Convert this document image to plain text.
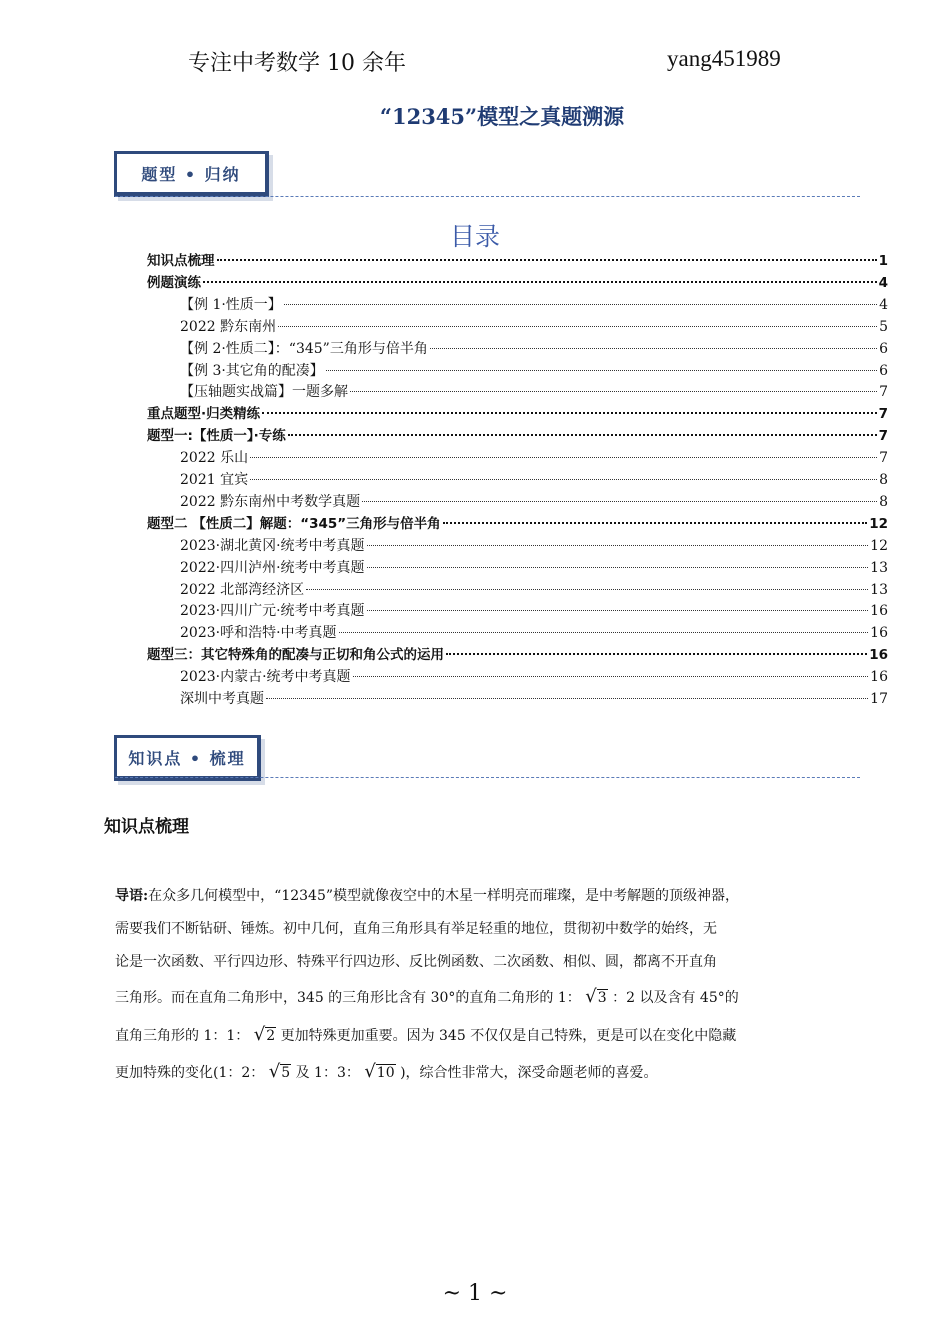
专注中考数学 10 余年	yang451989
“12345”模型之真题溯源
题型 • 归纳
目录
知识点梳理	1
例题演练	4
【例 1·性质一】	4
2022 黔东南州	5
【例 2·性质二】：“345”三角形与倍半角	6
【例 3·其它角的配凑】	6
【压轴题实战篇】一题多解	7
重点题型·归类精练	7
题型一:【性质一】·专练	7
2022 乐山	7
2021 宜宾	8
2022 黔东南州中考数学真题	8
题型二 【性质二】解题：“345”三角形与倍半角	12
2023·湖北黄冈·统考中考真题	12
2022·四川泸州·统考中考真题	13
2022 北部湾经济区	13
2023·四川广元·统考中考真题	16
2023·呼和浩特·中考真题	16
题型三：其它特殊角的配凑与正切和角公式的运用	16
2023·内蒙古·统考中考真题	16
深圳中考真题	17
知识点 • 梳理
知识点梳理
导语:在众多几何模型中，“12345”模型就像夜空中的木星一样明亮而璀璨，是中考解题的顶级神器，
需要我们不断钻研、锤炼。初中几何，直角三角形具有举足轻重的地位，贯彻初中数学的始终，无
论是一次函数、平行四边形、特殊平行四边形、反比例函数、二次函数、相似、圆，都离不开直角
三角形。而在直角二角形中，345 的三角形比含有 30°的直角二角形的 1： √3 ：2 以及含有 45°的
直角三角形的 1：1： √2 更加特殊更加重要。因为 345 不仅仅是自己特殊，更是可以在变化中隐藏
更加特殊的变化(1：2： √5 及 1：3： √10 )，综合性非常大，深受命题老师的喜爱。
~ 1 ~
